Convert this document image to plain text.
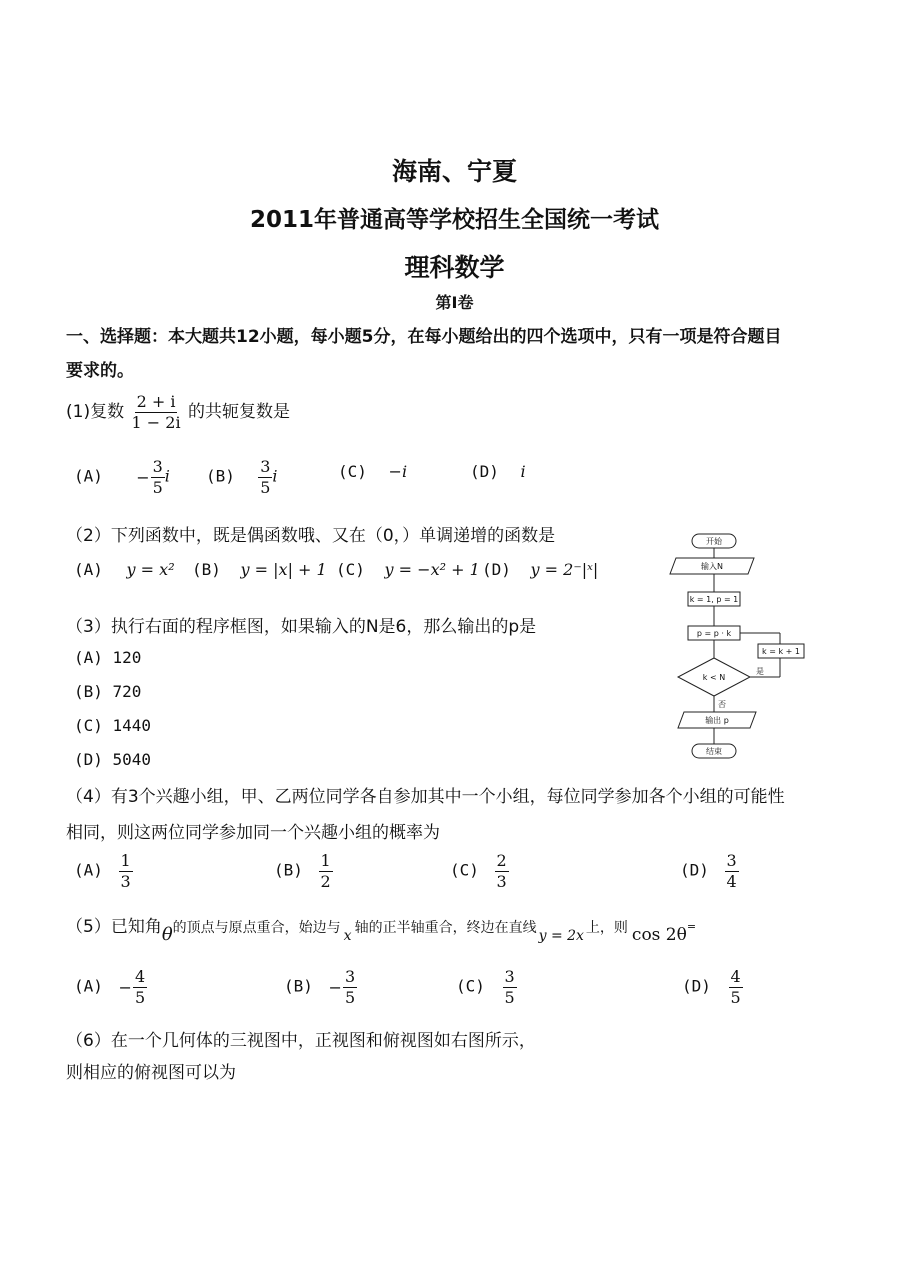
海南、宁夏
2011年普通高等学校招生全国统一考试
理科数学
第Ⅰ卷
一、选择题：本大题共12小题，每小题5分，在每小题给出的四个选项中，只有一项是符合题目
要求的。
(1)复数 $\frac{2 + i}{1 - 2i}$ 的共轭复数是
$(A) - \frac{3}{5}$ i $(B) \frac{3}{5}$ i	(C) −i	(D) i
（2）下列函数中，既是偶函数哦、又在（0，）单调递增的函数是
(A) y = x² (B) y = |x| + 1 (C) y = −x² + 1 (D) y = 2⁻|ˣ|
（3）执行右面的程序框图，如果输入的N是6，那么输出的p是
(A) 120
(B) 720
(C) 1440
(D) 5040
开始
输入N
k = 1, p = 1
p = p · k
k = k + 1
k < N
是
否
输出 p
结束
（4）有3个兴趣小组，甲、乙两位同学各自参加其中一个小组，每位同学参加各个小组的可能性
相同，则这两位同学参加同一个兴趣小组的概率为
$(A) \frac{1}{3}$	$(B) \frac{1}{2}$	$(C) \frac{2}{3}$	$(D) \frac{3}{4}$
（5）已知角θ的顶点与原点重合，始边与 $_x$ 轴的正半轴重合，终边在直线 $_{y = 2x}$ 上，则 cos 2θ=
$(A) - \frac{4}{5}$	$(B) - \frac{3}{5}$	$(C) \frac{3}{5}$	$(D) \frac{4}{5}$
（6）在一个几何体的三视图中，正视图和俯视图如右图所示，
则相应的俯视图可以为
